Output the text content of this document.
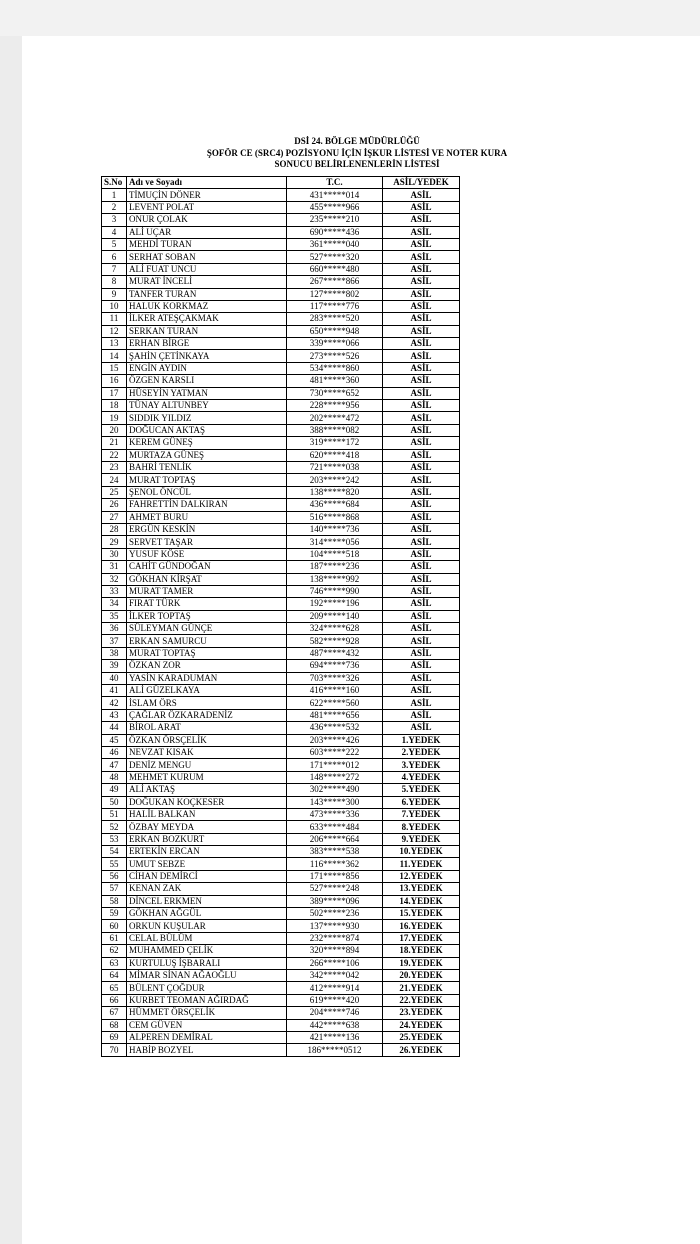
DSİ 24. BÖLGE MÜDÜRLÜĞÜ
ŞOFÖR CE (SRC4) POZİSYONU İÇİN İŞKUR LİSTESİ VE NOTER KURA
SONUCU BELİRLENENLERİN LİSTESİ
S.No	Adı ve Soyadı	T.C.	ASİL/YEDEK
1	TİMUÇİN DÖNER	431*****014	ASİL
2	LEVENT POLAT	455*****966	ASİL
3	ONUR ÇOLAK	235*****210	ASİL
4	ALİ UÇAR	690*****436	ASİL
5	MEHDİ TURAN	361*****040	ASİL
6	SERHAT SOBAN	527*****320	ASİL
7	ALİ FUAT UNCU	660*****480	ASİL
8	MURAT İNCELİ	267*****866	ASİL
9	TANFER TURAN	127*****802	ASİL
10	HALUK KORKMAZ	117*****776	ASİL
11	İLKER ATEŞÇAKMAK	283*****520	ASİL
12	SERKAN TURAN	650*****948	ASİL
13	ERHAN BİRGE	339*****066	ASİL
14	ŞAHİN ÇETİNKAYA	273*****526	ASİL
15	ENGİN AYDIN	534*****860	ASİL
16	ÖZGEN KARSLI	481*****360	ASİL
17	HÜSEYİN YATMAN	730*****652	ASİL
18	TÜNAY ALTUNBEY	228*****956	ASİL
19	SIDDIK YILDIZ	202*****472	ASİL
20	DOĞUCAN AKTAŞ	388*****082	ASİL
21	KEREM GÜNEŞ	319*****172	ASİL
22	MURTAZA GÜNEŞ	620*****418	ASİL
23	BAHRİ TENLİK	721*****038	ASİL
24	MURAT TOPTAŞ	203*****242	ASİL
25	ŞENOL ÖNCÜL	138*****820	ASİL
26	FAHRETTİN DALKIRAN	436*****684	ASİL
27	AHMET BURU	516*****868	ASİL
28	ERGÜN KESKİN	140*****736	ASİL
29	SERVET TAŞAR	314*****056	ASİL
30	YUSUF KÖSE	104*****518	ASİL
31	CAHİT GÜNDOĞAN	187*****236	ASİL
32	GÖKHAN KİRŞAT	138*****992	ASİL
33	MURAT TAMER	746*****990	ASİL
34	FIRAT TÜRK	192*****196	ASİL
35	İLKER TOPTAŞ	209*****140	ASİL
36	SÜLEYMAN GÜNÇE	324*****628	ASİL
37	ERKAN SAMURCU	582*****928	ASİL
38	MURAT TOPTAŞ	487*****432	ASİL
39	ÖZKAN ZOR	694*****736	ASİL
40	YASİN KARADUMAN	703*****326	ASİL
41	ALİ GÜZELKAYA	416*****160	ASİL
42	İSLAM ÖRS	622*****560	ASİL
43	ÇAĞLAR ÖZKARADENİZ	481*****656	ASİL
44	BİROL ARAT	436*****532	ASİL
45	ÖZKAN ÖRSÇELİK	203*****426	1.YEDEK
46	NEVZAT KISAK	603*****222	2.YEDEK
47	DENİZ MENGU	171*****012	3.YEDEK
48	MEHMET KURUM	148*****272	4.YEDEK
49	ALİ AKTAŞ	302*****490	5.YEDEK
50	DOĞUKAN KOÇKESER	143*****300	6.YEDEK
51	HALİL BALKAN	473*****336	7.YEDEK
52	ÖZBAY MEYDA	633*****484	8.YEDEK
53	ERKAN BOZKURT	206*****664	9.YEDEK
54	ERTEKİN ERCAN	383*****538	10.YEDEK
55	UMUT SEBZE	116*****362	11.YEDEK
56	CİHAN DEMİRCİ	171*****856	12.YEDEK
57	KENAN ZAK	527*****248	13.YEDEK
58	DİNCEL ERKMEN	389*****096	14.YEDEK
59	GÖKHAN AĞGÜL	502*****236	15.YEDEK
60	ORKUN KUŞULAR	137*****930	16.YEDEK
61	CELAL BÜLÜM	232*****874	17.YEDEK
62	MUHAMMED ÇELİK	320*****894	18.YEDEK
63	KURTULUŞ İŞBARALI	266*****106	19.YEDEK
64	MİMAR SİNAN AĞAOĞLU	342*****042	20.YEDEK
65	BÜLENT ÇOĞDUR	412*****914	21.YEDEK
66	KURBET TEOMAN AĞIRDAĞ	619*****420	22.YEDEK
67	HÜMMET ÖRSÇELİK	204*****746	23.YEDEK
68	CEM GÜVEN	442*****638	24.YEDEK
69	ALPEREN DEMİRAL	421*****136	25.YEDEK
70	HABİP BOZYEL	186*****0512	26.YEDEK
